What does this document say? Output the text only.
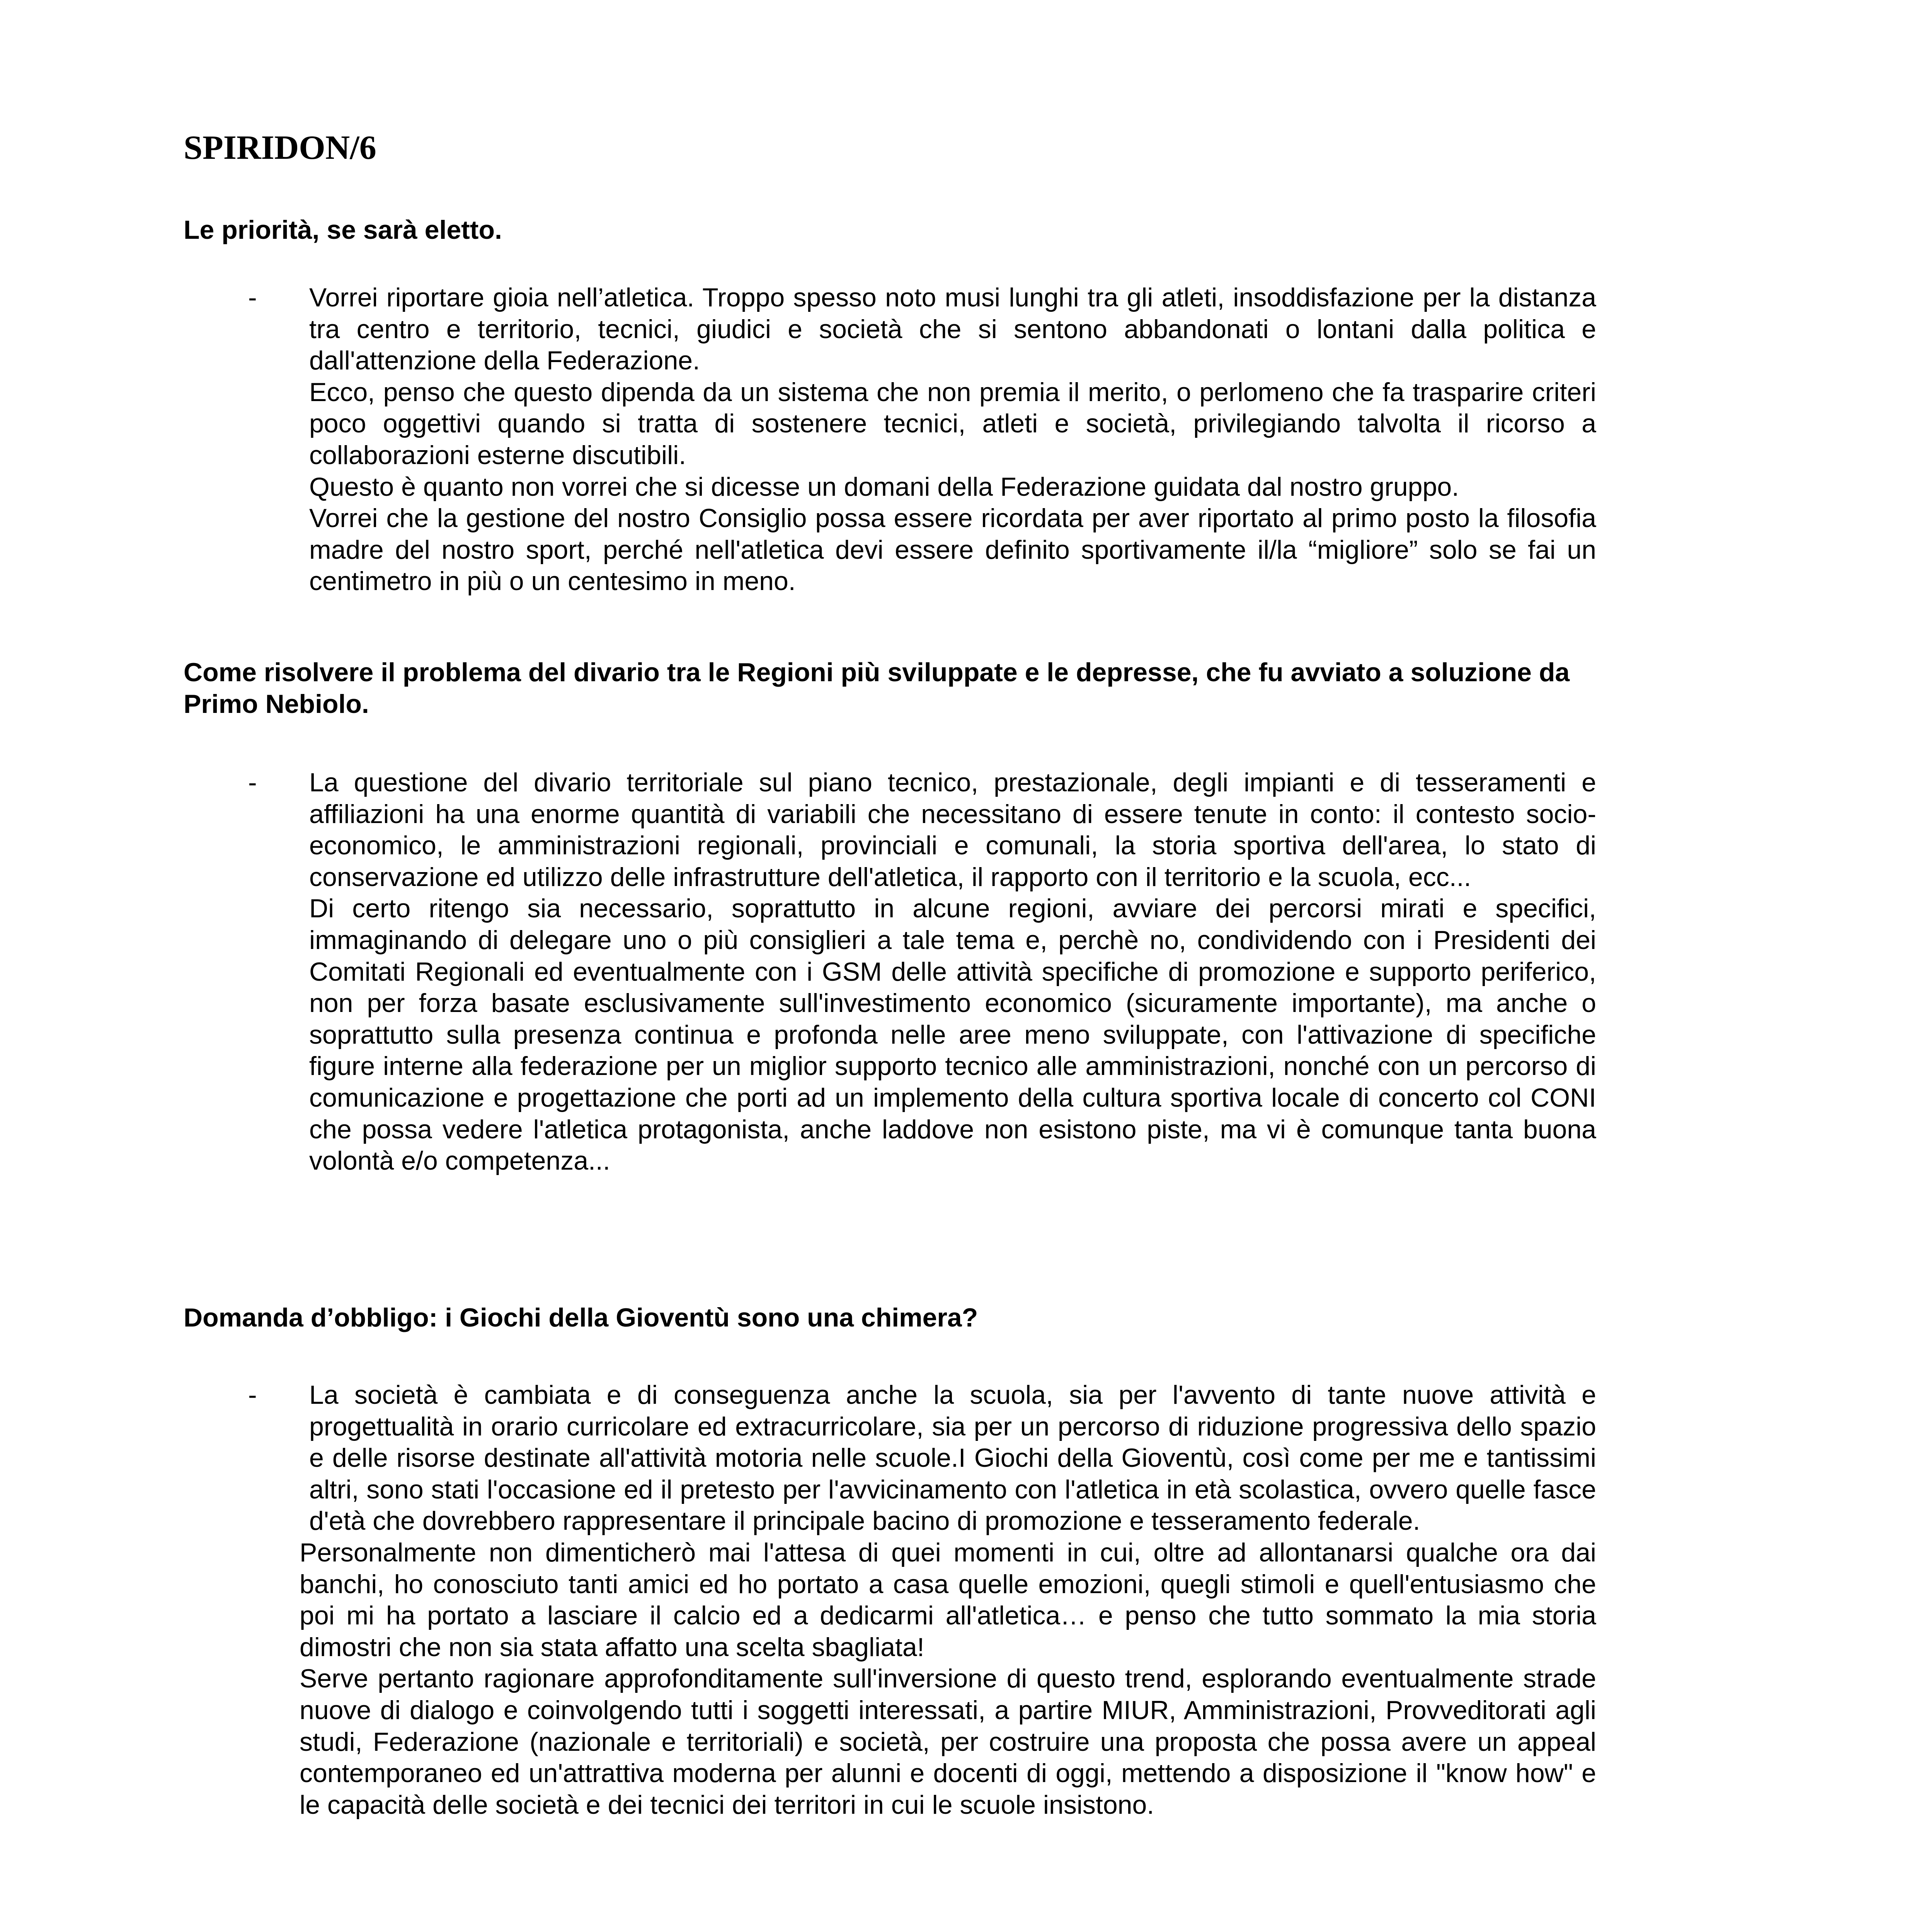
SPIRIDON/6
Le priorità, se sarà eletto.
- Vorrei riportare gioia nell’atletica. Troppo spesso noto musi lunghi tra gli atleti, insoddisfazione per la distanza tra centro e territorio, tecnici, giudici e società che si sentono abbandonati o lontani dalla politica e dall'attenzione della Federazione.

Ecco, penso che questo dipenda da un sistema che non premia il merito, o perlomeno che fa trasparire criteri poco oggettivi quando si tratta di sostenere tecnici, atleti e società, privilegiando talvolta il ricorso a collaborazioni esterne discutibili.

Questo è quanto non vorrei che si dicesse un domani della Federazione guidata dal nostro gruppo.

Vorrei che la gestione del nostro Consiglio possa essere ricordata per aver riportato al primo posto la filosofia madre del nostro sport, perché nell'atletica devi essere definito sportivamente il/la “migliore” solo se fai un centimetro in più o un centesimo in meno.

Come risolvere il problema del divario tra le Regioni più sviluppate e le depresse, che fu avviato a soluzione da Primo Nebiolo.
- La questione del divario territoriale sul piano tecnico, prestazionale, degli impianti e di tesseramenti e affiliazioni ha una enorme quantità di variabili che necessitano di essere tenute in conto: il contesto socio-economico, le amministrazioni regionali, provinciali e comunali, la storia sportiva dell'area, lo stato di conservazione ed utilizzo delle infrastrutture dell'atletica, il rapporto con il territorio e la scuola, ecc...

Di certo ritengo sia necessario, soprattutto in alcune regioni, avviare dei percorsi mirati e specifici, immaginando di delegare uno o più consiglieri a tale tema e, perchè no, condividendo con i Presidenti dei Comitati Regionali ed eventualmente con i GSM delle attività specifiche di promozione e supporto periferico, non per forza basate esclusivamente sull'investimento economico (sicuramente importante), ma anche o soprattutto sulla presenza continua e profonda nelle aree meno sviluppate, con l'attivazione di specifiche figure interne alla federazione per un miglior supporto tecnico alle amministrazioni, nonché con un percorso di comunicazione e progettazione che porti ad un implemento della cultura sportiva locale di concerto col CONI che possa vedere l'atletica protagonista, anche laddove non esistono piste, ma vi è comunque tanta buona volontà e/o competenza...

Domanda d’obbligo: i Giochi della Gioventù sono una chimera?
- La società è cambiata e di conseguenza anche la scuola, sia per l'avvento di tante nuove attività e progettualità in orario curricolare ed extracurricolare, sia per un percorso di riduzione progressiva dello spazio e delle risorse destinate all'attività motoria nelle scuole.I Giochi della Gioventù, così come per me e tantissimi altri, sono stati l'occasione ed il pretesto per l'avvicinamento con l'atletica in età scolastica, ovvero quelle fasce d'età che dovrebbero rappresentare il principale bacino di promozione e tesseramento federale.

Personalmente non dimenticherò mai l'attesa di quei momenti in cui, oltre ad allontanarsi qualche ora dai banchi, ho conosciuto tanti amici ed ho portato a casa quelle emozioni, quegli stimoli e quell'entusiasmo che poi mi ha portato a lasciare il calcio ed a dedicarmi all'atletica… e penso che tutto sommato la mia storia dimostri che non sia stata affatto una scelta sbagliata!

Serve pertanto ragionare approfonditamente sull'inversione di questo trend, esplorando eventualmente strade nuove di dialogo e coinvolgendo tutti i soggetti interessati, a partire MIUR, Amministrazioni, Provveditorati agli studi, Federazione (nazionale e territoriali) e società, per costruire una proposta che possa avere un appeal contemporaneo ed un'attrattiva moderna per alunni e docenti di oggi, mettendo a disposizione il "know how" e le capacità delle società e dei tecnici dei territori in cui le scuole insistono.
